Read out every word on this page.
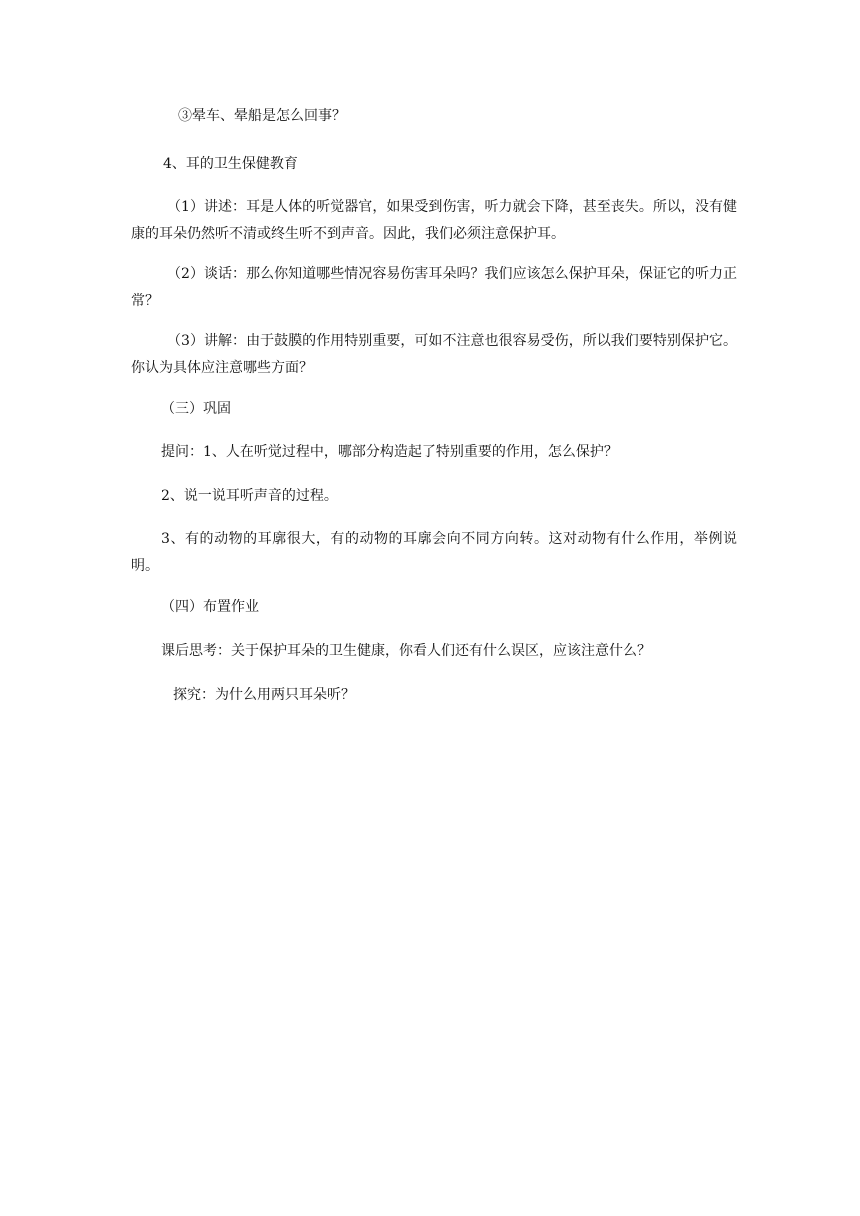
③晕车、晕船是怎么回事？

4、耳的卫生保健教育

（1）讲述：耳是人体的听觉器官，如果受到伤害，听力就会下降，甚至丧失。所以，没有健康的耳朵仍然听不清或终生听不到声音。因此，我们必须注意保护耳。

（2）谈话：那么你知道哪些情况容易伤害耳朵吗？我们应该怎么保护耳朵，保证它的听力正常？

（3）讲解：由于鼓膜的作用特别重要，可如不注意也很容易受伤，所以我们要特别保护它。你认为具体应注意哪些方面？

（三）巩固

提问：1、人在听觉过程中，哪部分构造起了特别重要的作用，怎么保护？

2、说一说耳听声音的过程。

3、有的动物的耳廓很大，有的动物的耳廓会向不同方向转。这对动物有什么作用，举例说明。

（四）布置作业

课后思考：关于保护耳朵的卫生健康，你看人们还有什么误区，应该注意什么？

探究：为什么用两只耳朵听？
